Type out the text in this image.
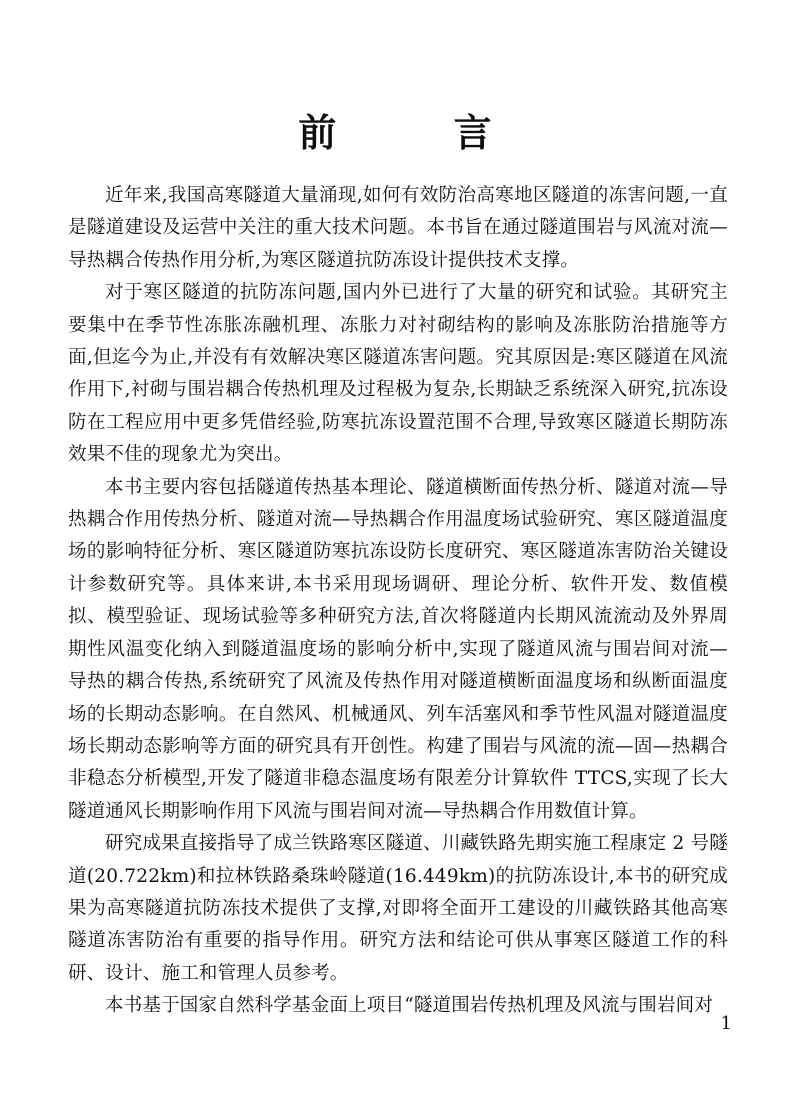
前 言

近年来,我国高寒隧道大量涌现,如何有效防治高寒地区隧道的冻害问题,一直是隧道建设及运营中关注的重大技术问题。本书旨在通过隧道围岩与风流对流—导热耦合传热作用分析,为寒区隧道抗防冻设计提供技术支撑。

对于寒区隧道的抗防冻问题,国内外已进行了大量的研究和试验。其研究主要集中在季节性冻胀冻融机理、冻胀力对衬砌结构的影响及冻胀防治措施等方面,但迄今为止,并没有有效解决寒区隧道冻害问题。究其原因是:寒区隧道在风流作用下,衬砌与围岩耦合传热机理及过程极为复杂,长期缺乏系统深入研究,抗冻设防在工程应用中更多凭借经验,防寒抗冻设置范围不合理,导致寒区隧道长期防冻效果不佳的现象尤为突出。

本书主要内容包括隧道传热基本理论、隧道横断面传热分析、隧道对流—导热耦合作用传热分析、隧道对流—导热耦合作用温度场试验研究、寒区隧道温度场的影响特征分析、寒区隧道防寒抗冻设防长度研究、寒区隧道冻害防治关键设计参数研究等。具体来讲,本书采用现场调研、理论分析、软件开发、数值模拟、模型验证、现场试验等多种研究方法,首次将隧道内长期风流流动及外界周期性风温变化纳入到隧道温度场的影响分析中,实现了隧道风流与围岩间对流—导热的耦合传热,系统研究了风流及传热作用对隧道横断面温度场和纵断面温度场的长期动态影响。在自然风、机械通风、列车活塞风和季节性风温对隧道温度场长期动态影响等方面的研究具有开创性。构建了围岩与风流的流—固—热耦合非稳态分析模型,开发了隧道非稳态温度场有限差分计算软件 TTCS,实现了长大隧道通风长期影响作用下风流与围岩间对流—导热耦合作用数值计算。

研究成果直接指导了成兰铁路寒区隧道、川藏铁路先期实施工程康定 2 号隧道(20.722km)和拉林铁路桑珠岭隧道(16.449km)的抗防冻设计,本书的研究成果为高寒隧道抗防冻技术提供了支撑,对即将全面开工建设的川藏铁路其他高寒隧道冻害防治有重要的指导作用。研究方法和结论可供从事寒区隧道工作的科研、设计、施工和管理人员参考。

本书基于国家自然科学基金面上项目“隧道围岩传热机理及风流与围岩间对

1
